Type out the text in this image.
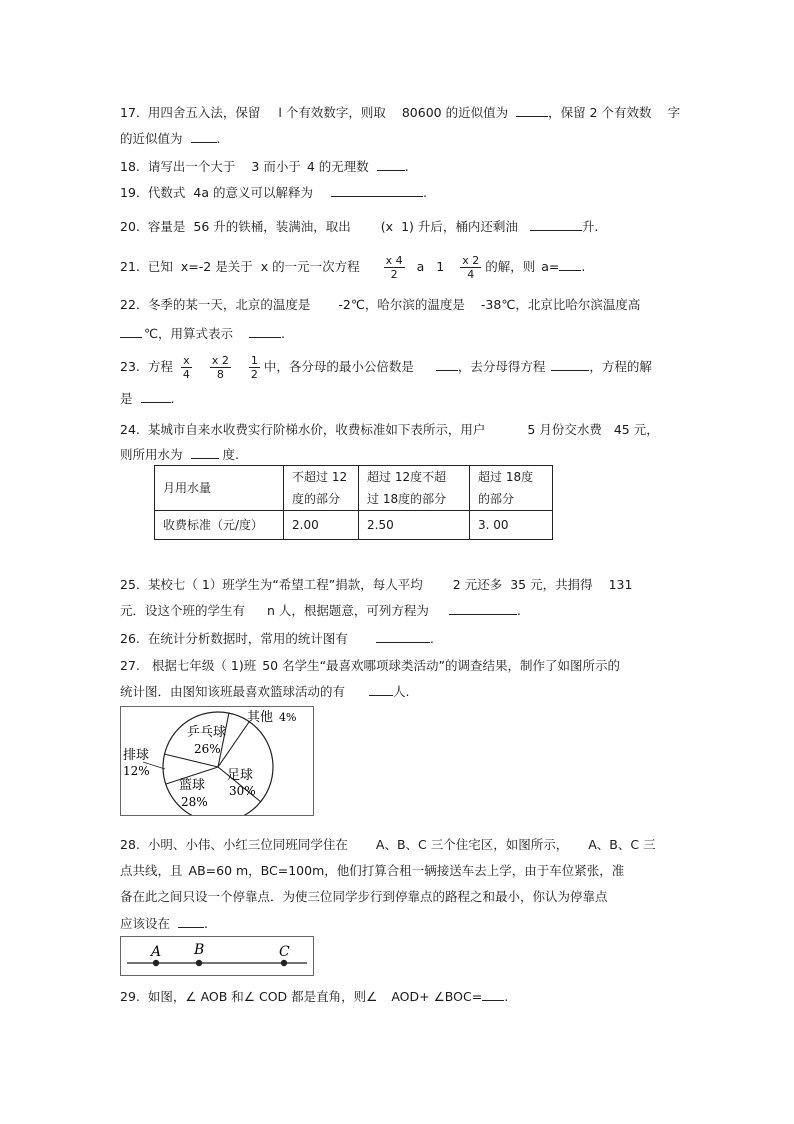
17. 用四舍五入法，保留 l 个有效数字，则取 80600 的近似值为	，保留 2 个有效数 字
的近似值为	.
18. 请写出一个大于 3 而小于 4 的无理数	.
19. 代数式 4a 的意义可以解释为	.
20. 容量是 56 升的铁桶，装满油，取出 (x 1) 升后，桶内还剩油	升.
21. 已知 x=-2 是关于 x 的一元一次方程 $\frac{x 4}{2}$ a $1 \frac{x 2}{4}$ 的解，则 a= .
22. 冬季的某一天，北京的温度是 -2℃，哈尔滨的温度是 -38℃，北京比哈尔滨温度高
℃，用算式表示	.
23. 方程 $\frac{x}{4}$
$\frac{x 2}{8}$
$\frac{1}{2}$ 中，各分母的最小公倍数是	，去分母得方程	，方程的解
是	.
24. 某城市自来水收费实行阶梯水价，收费标准如下表所示，用户	5 月份交水费 45 元，
则所用水为	度.
月用水量	不超过 12	超过 12度不超	超过 18度
	度的部分	过 18度的部分	的部分
收费标准（元/度）	2.00	2.50	3. 00
25. 某校七（ 1）班学生为“希望工程”捐款，每人平均 2 元还多 35 元，共捐得 131
元．设这个班的学生有 n 人，根据题意，可列方程为	.
26. 在统计分析数据时，常用的统计图有	.
27. 根据七年级（ 1)班 50 名学生“最喜欢哪项球类活动”的调查结果，制作了如图所示的
统计图．由图知该班最喜欢篮球活动的有	人.
乒乓球
26%
其他 4%
足球
30%
篮球
28%
排球
12%
28. 小明、小伟、小红三位同班同学住在 A、B、C 三个住宅区，如图所示， A、B、C 三
点共线，且 AB=60 m，BC=100m，他们打算合租一辆接送车去上学，由于车位紧张，准
备在此之间只设一个停靠点．为使三位同学步行到停靠点的路程之和最小，你认为停靠点
应该设在	.
A B	C
29. 如图，∠ AOB 和∠ COD 都是直角，则∠ AOD+ ∠BOC= .
